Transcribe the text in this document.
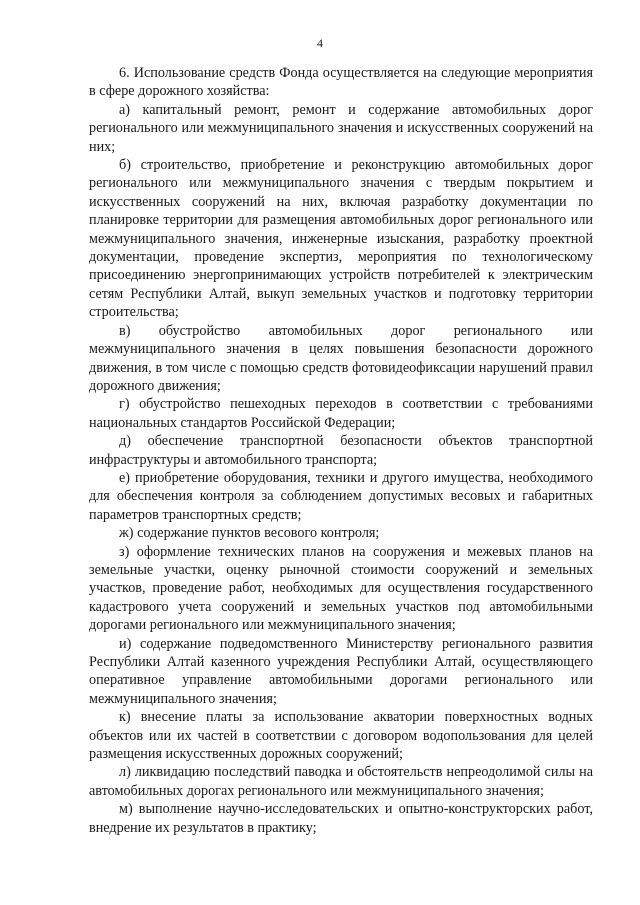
4

6. Использование средств Фонда осуществляется на следующие мероприятия в сфере дорожного хозяйства:

а) капитальный ремонт, ремонт и содержание автомобильных дорог регионального или межмуниципального значения и искусственных сооружений на них;

б) строительство, приобретение и реконструкцию автомобильных дорог регионального или межмуниципального значения с твердым покрытием и искусственных сооружений на них, включая разработку документации по планировке территории для размещения автомобильных дорог регионального или межмуниципального значения, инженерные изыскания, разработку проектной документации, проведение экспертиз, мероприятия по технологическому присоединению энергопринимающих устройств потребителей к электрическим сетям Республики Алтай, выкуп земельных участков и подготовку территории строительства;

в) обустройство автомобильных дорог регионального или межмуниципального значения в целях повышения безопасности дорожного движения, в том числе с помощью средств фотовидеофиксации нарушений правил дорожного движения;

г) обустройство пешеходных переходов в соответствии с требованиями национальных стандартов Российской Федерации;

д) обеспечение транспортной безопасности объектов транспортной инфраструктуры и автомобильного транспорта;

е) приобретение оборудования, техники и другого имущества, необходимого для обеспечения контроля за соблюдением допустимых весовых и габаритных параметров транспортных средств;

ж) содержание пунктов весового контроля;

з) оформление технических планов на сооружения и межевых планов на земельные участки, оценку рыночной стоимости сооружений и земельных участков, проведение работ, необходимых для осуществления государственного кадастрового учета сооружений и земельных участков под автомобильными дорогами регионального или межмуниципального значения;

и) содержание подведомственного Министерству регионального развития Республики Алтай казенного учреждения Республики Алтай, осуществляющего оперативное управление автомобильными дорогами регионального или межмуниципального значения;

к) внесение платы за использование акватории поверхностных водных объектов или их частей в соответствии с договором водопользования для целей размещения искусственных дорожных сооружений;

л) ликвидацию последствий паводка и обстоятельств непреодолимой силы на автомобильных дорогах регионального или межмуниципального значения;

м) выполнение научно-исследовательских и опытно-конструкторских работ, внедрение их результатов в практику;
